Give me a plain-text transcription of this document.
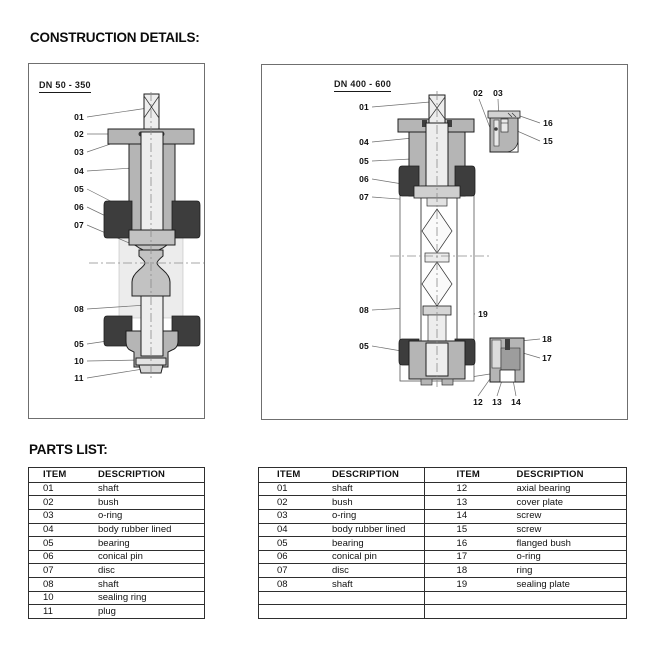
CONSTRUCTION DETAILS:
DN 50 - 350
01
02
03
04
05
06
07
08
05
10
11
DN 400 - 600
01
04
05
06
07
08
05
02 03
16
15
19
18
17
12 13 14
PARTS LIST:
ITEM	DESCRIPTION
01	shaft
02	bush
03	o-ring
04	body rubber lined
05	bearing
06	conical pin
07	disc
08	shaft
10	sealing ring
11	plug
ITEM	DESCRIPTION
01	shaft
02	bush
03	o-ring
04	body rubber lined
05	bearing
06	conical pin
07	disc
08	shaft
ITEM	DESCRIPTION
12	axial bearing
13	cover plate
14	screw
15	screw
16	flanged bush
17	o-ring
18	ring
19	sealing plate
